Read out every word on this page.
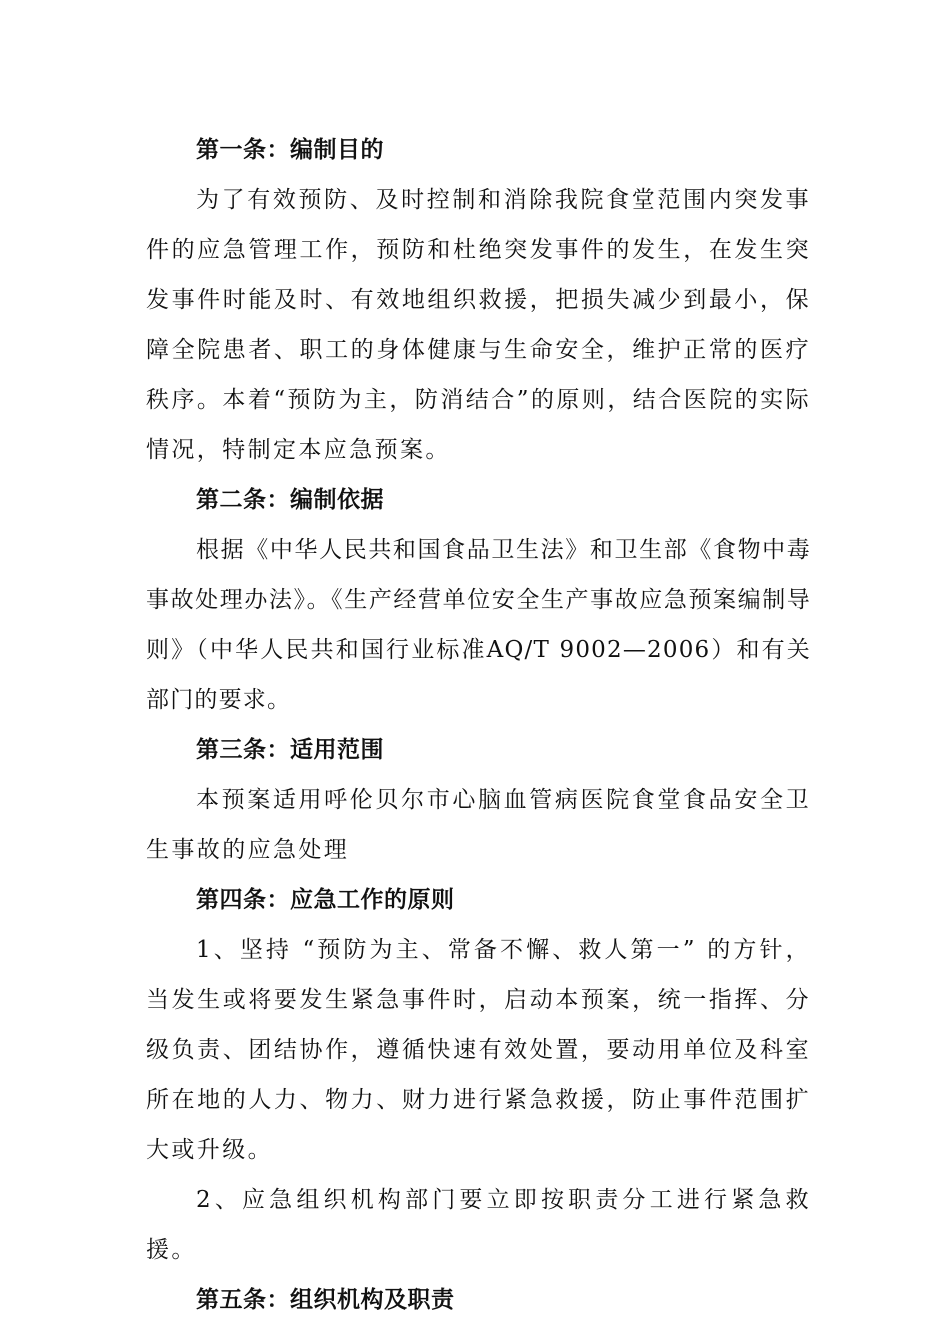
第一条：编制目的

为了有效预防、及时控制和消除我院食堂范围内突发事件的应急管理工作，预防和杜绝突发事件的发生，在发生突发事件时能及时、有效地组织救援，把损失减少到最小，保障全院患者、职工的身体健康与生命安全，维护正常的医疗秩序。本着“预防为主，防消结合”的原则，结合医院的实际情况，特制定本应急预案。

第二条：编制依据

根据《中华人民共和国食品卫生法》和卫生部《食物中毒事故处理办法》。《生产经营单位安全生产事故应急预案编制导则》（中华人民共和国行业标准AQ/T 9002—2006）和有关部门的要求。

第三条：适用范围

本预案适用呼伦贝尔市心脑血管病医院食堂食品安全卫生事故的应急处理

第四条：应急工作的原则

1、坚持 “预防为主、常备不懈、救人第一” 的方针，当发生或将要发生紧急事件时，启动本预案，统一指挥、分级负责、团结协作，遵循快速有效处置，要动用单位及科室所在地的人力、物力、财力进行紧急救援，防止事件范围扩大或升级。

2、应急组织机构部门要立即按职责分工进行紧急救援。

第五条：组织机构及职责
